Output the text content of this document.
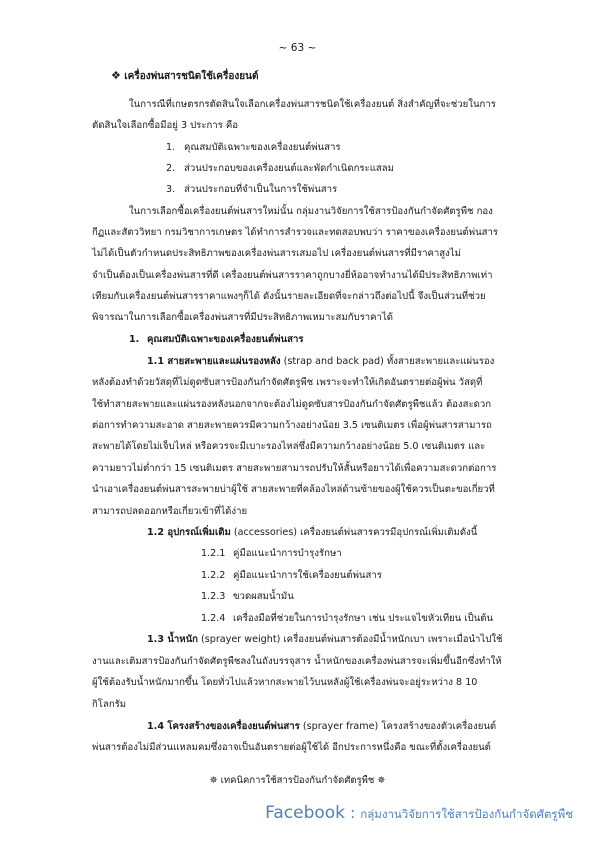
~ 63 ~
❖ เครื่องพ่นสารชนิดใช้เครื่องยนต์
ในการณีที่เกษตรกรตัดสินใจเลือกเครื่องพ่นสารชนิดใช้เครื่องยนต์ สิ่งสำคัญที่จะช่วยในการ
ตัดสินใจเลือกซื้อมีอยู่ 3 ประการ คือ
1. คุณสมบัติเฉพาะของเครื่องยนต์พ่นสาร
2. ส่วนประกอบของเครื่องยนต์และพัดกำเนิดกระแสลม
3. ส่วนประกอบที่จำเป็นในการใช้พ่นสาร
ในการเลือกซื้อเครื่องยนต์พ่นสารใหม่นั้น กลุ่มงานวิจัยการใช้สารป้องกันกำจัดศัตรูพืช กอง
กีฏและสัตววิทยา กรมวิชาการเกษตร ได้ทำการสำรวจและทดสอบพบว่า ราคาของเครื่องยนต์พ่นสาร
ไม่ได้เป็นตัวกำหนดประสิทธิภาพของเครื่องพ่นสารเสมอไป เครื่องยนต์พ่นสารที่มีราคาสูงไม่
จำเป็นต้องเป็นเครื่องพ่นสารที่ดี เครื่องยนต์พ่นสารราคาถูกบางยี่ห้ออาจทำงานได้มีประสิทธิภาพเท่า
เทียมกับเครื่องยนต์พ่นสารราคาแพงๆก็ได้ ดังนั้นรายละเอียดที่จะกล่าวถึงต่อไปนี้ จึงเป็นส่วนที่ช่วย
พิจารณาในการเลือกซื้อเครื่องพ่นสารที่มีประสิทธิภาพเหมาะสมกับราคาได้
1. คุณสมบัติเฉพาะของเครื่องยนต์พ่นสาร
1.1 สายสะพายและแผ่นรองหลัง (strap and back pad) ทั้งสายสะพายและแผ่นรอง
หลังต้องทำด้วยวัสดุที่ไม่ดูดซับสารป้องกันกำจัดศัตรูพืช เพราะจะทำให้เกิดอันตรายต่อผู้พ่น วัสดุที่
ใช้ทำสายสะพายและแผ่นรองหลังนอกจากจะต้องไม่ดูดซับสารป้องกันกำจัดศัตรูพืชแล้ว ต้องสะดวก
ต่อการทำความสะอาด สายสะพายควรมีความกว้างอย่างน้อย 3.5 เซนติเมตร เพื่อผู้พ่นสารสามารถ
สะพายได้โดยไม่เจ็บไหล่ หรือควรจะมีเบาะรองไหล่ซึ่งมีความกว้างอย่างน้อย 5.0 เซนติเมตร และ
ความยาวไม่ต่ำกว่า 15 เซนติเมตร สายสะพายสามารถปรับให้สั้นหรือยาวได้เพื่อความสะดวกต่อการ
นำเอาเครื่องยนต์พ่นสารสะพายบ่าผู้ใช้ สายสะพายที่คล้องไหล่ด้านซ้ายของผู้ใช้ควรเป็นตะขอเกี่ยวที่
สามารถปลดออกหรือเกี่ยวเข้าที่ได้ง่าย
1.2 อุปกรณ์เพิ่มเติม (accessories) เครื่องยนต์พ่นสารควรมีอุปกรณ์เพิ่มเติมดังนี้
1.2.1 คู่มือแนะนำการบำรุงรักษา
1.2.2 คู่มือแนะนำการใช้เครื่องยนต์พ่นสาร
1.2.3 ขวดผสมน้ำมัน
1.2.4 เครื่องมือที่ช่วยในการบำรุงรักษา เช่น ประแจไขหัวเทียน เป็นต้น
1.3 น้ำหนัก (sprayer weight) เครื่องยนต์พ่นสารต้องมีน้ำหนักเบา เพราะเมื่อนำไปใช้
งานและเติมสารป้องกันกำจัดศัตรูพืชลงในถังบรรจุสาร น้ำหนักของเครื่องพ่นสารจะเพิ่มขึ้นอีกซึ่งทำให้
ผู้ใช้ต้องรับน้ำหนักมากขึ้น โดยทั่วไปแล้วหากสะพายไว้บนหลังผู้ใช้เครื่องพ่นจะอยู่ระหว่าง 8 10
กิโลกรัม
1.4 โครงสร้างของเครื่องยนต์พ่นสาร (sprayer frame) โครงสร้างของตัวเครื่องยนต์
พ่นสารต้องไม่มีส่วนแหลมคมซึ่งอาจเป็นอันตรายต่อผู้ใช้ได้ อีกประการหนึ่งคือ ขณะที่ตั้งเครื่องยนต์
✵ เทคนิคการใช้สารป้องกันกำจัดศัตรูพืช ✵
Facebook : กลุ่มงานวิจัยการใช้สารป้องกันกำจัดศัตรูพืช
